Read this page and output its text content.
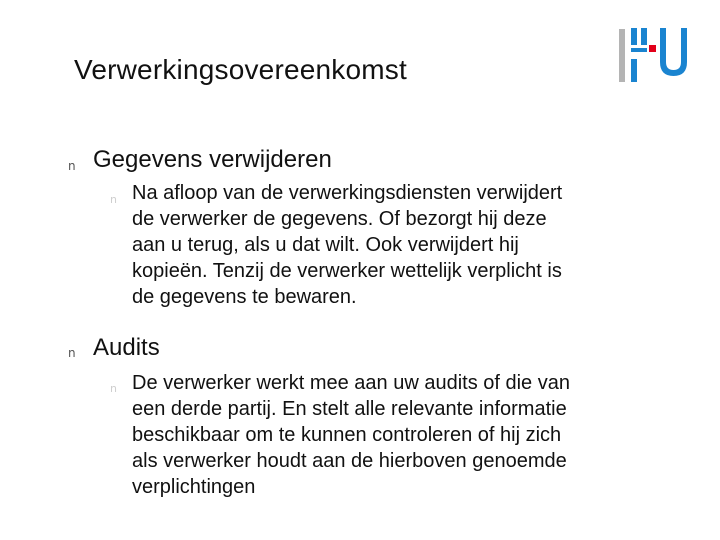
Verwerkingsovereenkomst
n Gegevens verwijderen
n Na afloop van de verwerkingsdiensten verwijdert
de verwerker de gegevens. Of bezorgt hij deze
aan u terug, als u dat wilt. Ook verwijdert hij
kopieën. Tenzij de verwerker wettelijk verplicht is
de gegevens te bewaren.
n Audits
n De verwerker werkt mee aan uw audits of die van
een derde partij. En stelt alle relevante informatie
beschikbaar om te kunnen controleren of hij zich
als verwerker houdt aan de hierboven genoemde
verplichtingen
